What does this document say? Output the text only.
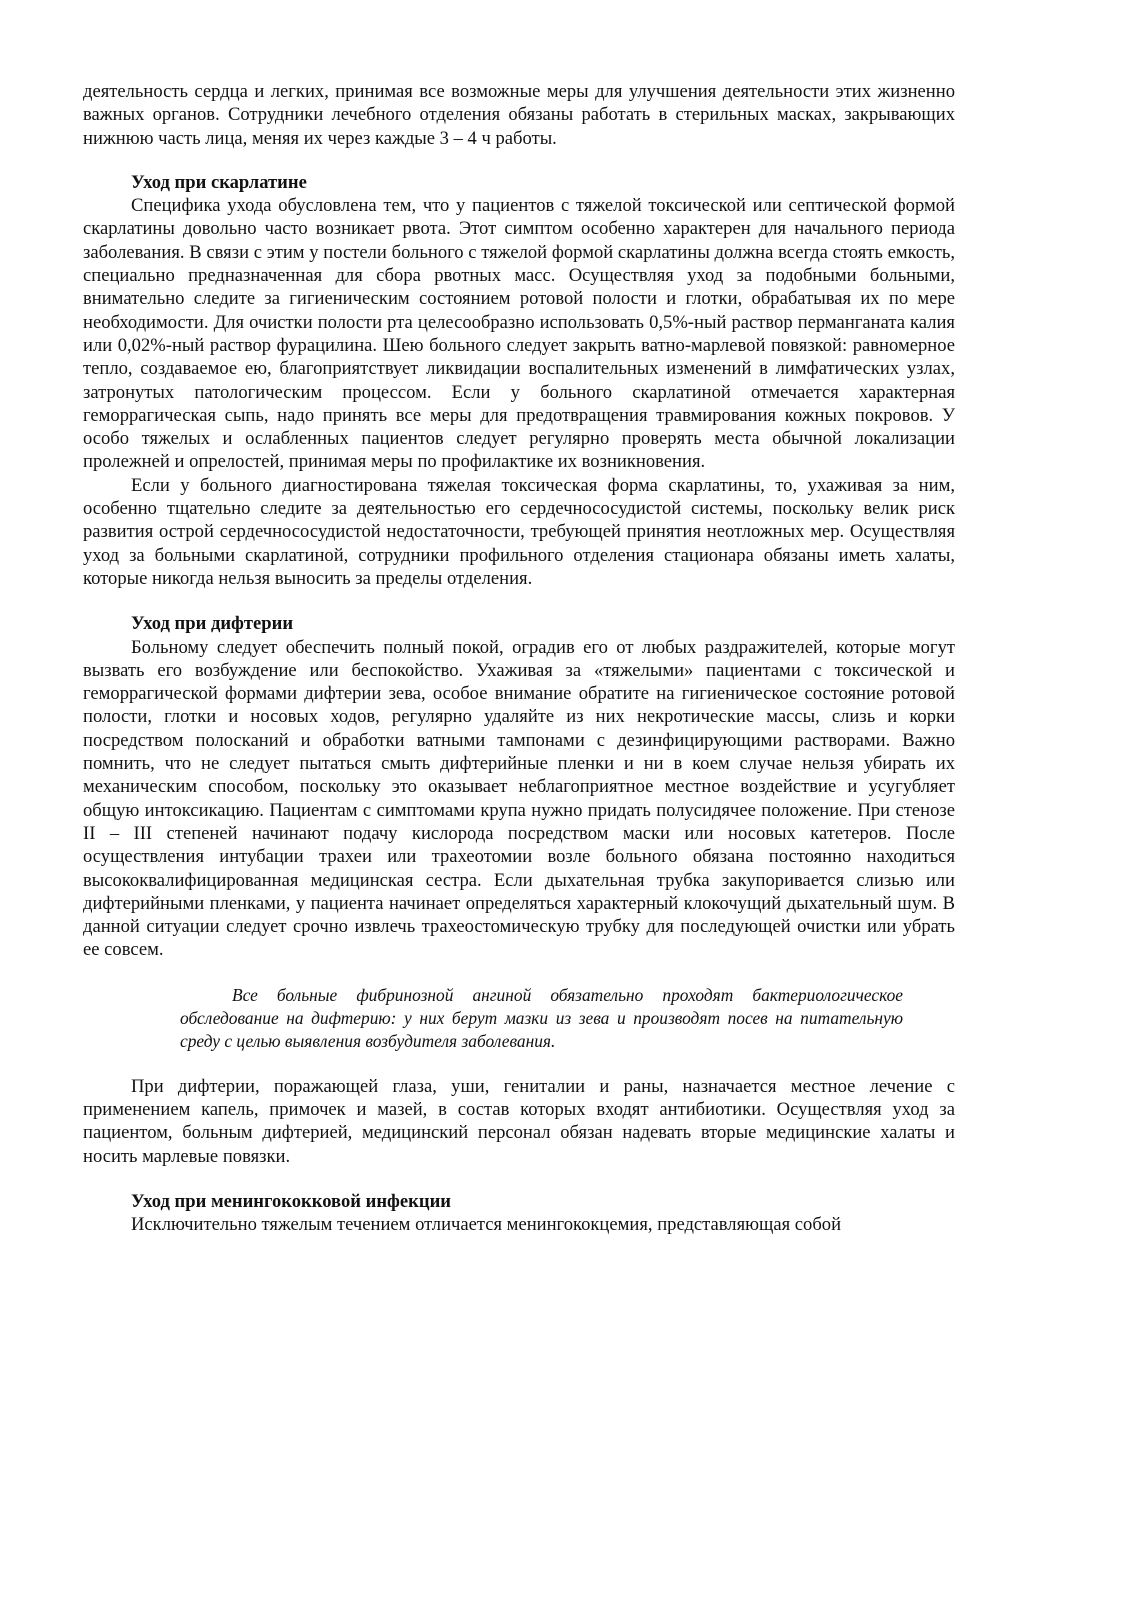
деятельность сердца и легких, принимая все возможные меры для улучшения деятельности этих жизненно важных органов. Сотрудники лечебного отделения обязаны работать в стерильных масках, закрывающих нижнюю часть лица, меняя их через каждые 3 – 4 ч работы.

Уход при скарлатине

Специфика ухода обусловлена тем, что у пациентов с тяжелой токсической или септической формой скарлатины довольно часто возникает рвота. Этот симптом особенно характерен для начального периода заболевания. В связи с этим у постели больного с тяжелой формой скарлатины должна всегда стоять емкость, специально предназначенная для сбора рвотных масс. Осуществляя уход за подобными больными, внимательно следите за гигиеническим состоянием ротовой полости и глотки, обрабатывая их по мере необходимости. Для очистки полости рта целесообразно использовать 0,5%-ный раствор перманганата калия или 0,02%-ный раствор фурацилина. Шею больного следует закрыть ватно-марлевой повязкой: равномерное тепло, создаваемое ею, благоприятствует ликвидации воспалительных изменений в лимфатических узлах, затронутых патологическим процессом. Если у больного скарлатиной отмечается характерная геморрагическая сыпь, надо принять все меры для предотвращения травмирования кожных покровов. У особо тяжелых и ослабленных пациентов следует регулярно проверять места обычной локализации пролежней и опрелостей, принимая меры по профилактике их возникновения.

Если у больного диагностирована тяжелая токсическая форма скарлатины, то, ухаживая за ним, особенно тщательно следите за деятельностью его сердечнососудистой системы, поскольку велик риск развития острой сердечнососудистой недостаточности, требующей принятия неотложных мер. Осуществляя уход за больными скарлатиной, сотрудники профильного отделения стационара обязаны иметь халаты, которые никогда нельзя выносить за пределы отделения.

Уход при дифтерии

Больному следует обеспечить полный покой, оградив его от любых раздражителей, которые могут вызвать его возбуждение или беспокойство. Ухаживая за «тяжелыми» пациентами с токсической и геморрагической формами дифтерии зева, особое внимание обратите на гигиеническое состояние ротовой полости, глотки и носовых ходов, регулярно удаляйте из них некротические массы, слизь и корки посредством полосканий и обработки ватными тампонами с дезинфицирующими растворами. Важно помнить, что не следует пытаться смыть дифтерийные пленки и ни в коем случае нельзя убирать их механическим способом, поскольку это оказывает неблагоприятное местное воздействие и усугубляет общую интоксикацию. Пациентам с симптомами крупа нужно придать полусидячее положение. При стенозе II – III степеней начинают подачу кислорода посредством маски или носовых катетеров. После осуществления интубации трахеи или трахеотомии возле больного обязана постоянно находиться высококвалифицированная медицинская сестра. Если дыхательная трубка закупоривается слизью или дифтерийными пленками, у пациента начинает определяться характерный клокочущий дыхательный шум. В данной ситуации следует срочно извлечь трахеостомическую трубку для последующей очистки или убрать ее совсем.

Все больные фибринозной ангиной обязательно проходят бактериологическое обследование на дифтерию: у них берут мазки из зева и производят посев на питательную среду с целью выявления возбудителя заболевания.

При дифтерии, поражающей глаза, уши, гениталии и раны, назначается местное лечение с применением капель, примочек и мазей, в состав которых входят антибиотики. Осуществляя уход за пациентом, больным дифтерией, медицинский персонал обязан надевать вторые медицинские халаты и носить марлевые повязки.

Уход при менингококковой инфекции

Исключительно тяжелым течением отличается менингококцемия, представляющая собой
